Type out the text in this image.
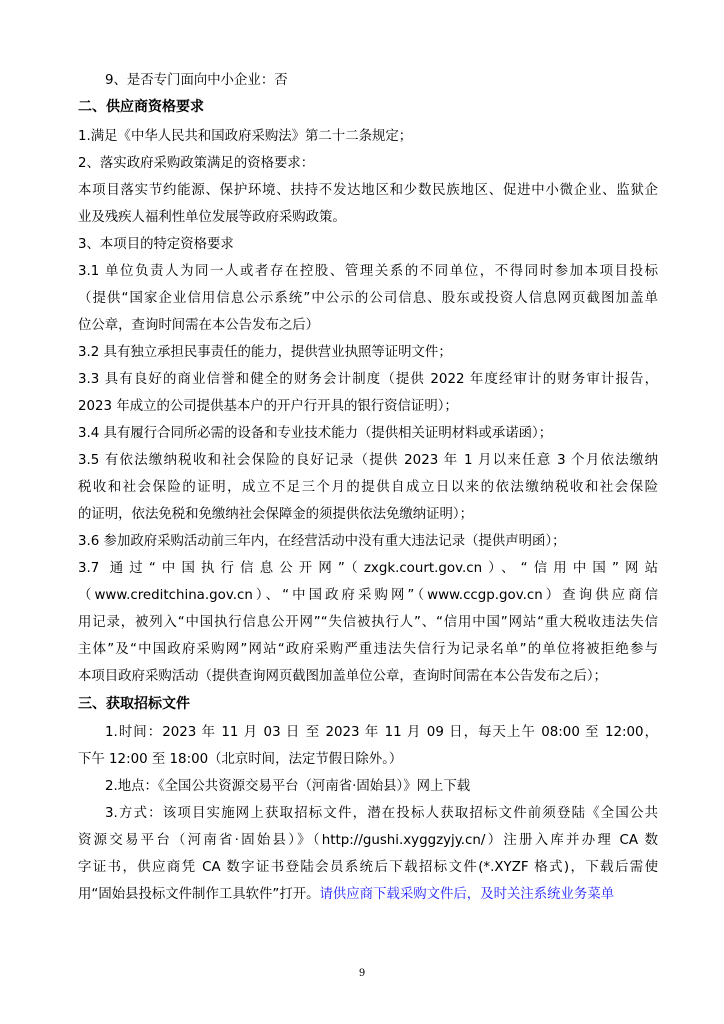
9、是否专门面向中小企业：否
二、供应商资格要求
1.满足《中华人民共和国政府采购法》第二十二条规定；
2、落实政府采购政策满足的资格要求：
本项目落实节约能源、保护环境、扶持不发达地区和少数民族地区、促进中小微企业、监狱企
业及残疾人福利性单位发展等政府采购政策。
3、本项目的特定资格要求
3.1 单位负责人为同一人或者存在控股、管理关系的不同单位，不得同时参加本项目投标
（提供“国家企业信用信息公示系统”中公示的公司信息、股东或投资人信息网页截图加盖单
位公章，查询时间需在本公告发布之后）
3.2 具有独立承担民事责任的能力，提供营业执照等证明文件；
3.3 具有良好的商业信誉和健全的财务会计制度（提供 2022 年度经审计的财务审计报告，
2023 年成立的公司提供基本户的开户行开具的银行资信证明）；
3.4 具有履行合同所必需的设备和专业技术能力（提供相关证明材料或承诺函）；
3.5 有依法缴纳税收和社会保险的良好记录（提供 2023 年 1 月以来任意 3 个月依法缴纳
税收和社会保险的证明，成立不足三个月的提供自成立日以来的依法缴纳税收和社会保险
的证明，依法免税和免缴纳社会保障金的须提供依法免缴纳证明）；
3.6 参加政府采购活动前三年内，在经营活动中没有重大违法记录（提供声明函）；
3.7 通过“中国执行信息公开网”（zxgk.court.gov.cn）、“信用中国”网站
（www.creditchina.gov.cn）、“中国政府采购网”（www.ccgp.gov.cn）查询供应商信
用记录，被列入“中国执行信息公开网”“失信被执行人”、“信用中国”网站“重大税收违法失信
主体”及“中国政府采购网”网站“政府采购严重违法失信行为记录名单”的单位将被拒绝参与
本项目政府采购活动（提供查询网页截图加盖单位公章，查询时间需在本公告发布之后）；
三、获取招标文件
1.时间：2023 年 11 月 03 日 至 2023 年 11 月 09 日，每天上午 08:00 至 12:00，
下午 12:00 至 18:00（北京时间，法定节假日除外。）
2.地点：《全国公共资源交易平台（河南省·固始县）》网上下载
3.方式：该项目实施网上获取招标文件，潜在投标人获取招标文件前须登陆《全国公共
资源交易平台（河南省·固始县）》（http://gushi.xyggzyjy.cn/）注册入库并办理 CA 数
字证书，供应商凭 CA 数字证书登陆会员系统后下载招标文件(*.XYZF 格式)，下载后需使
用“固始县投标文件制作工具软件”打开。请供应商下载采购文件后，及时关注系统业务菜单
9
